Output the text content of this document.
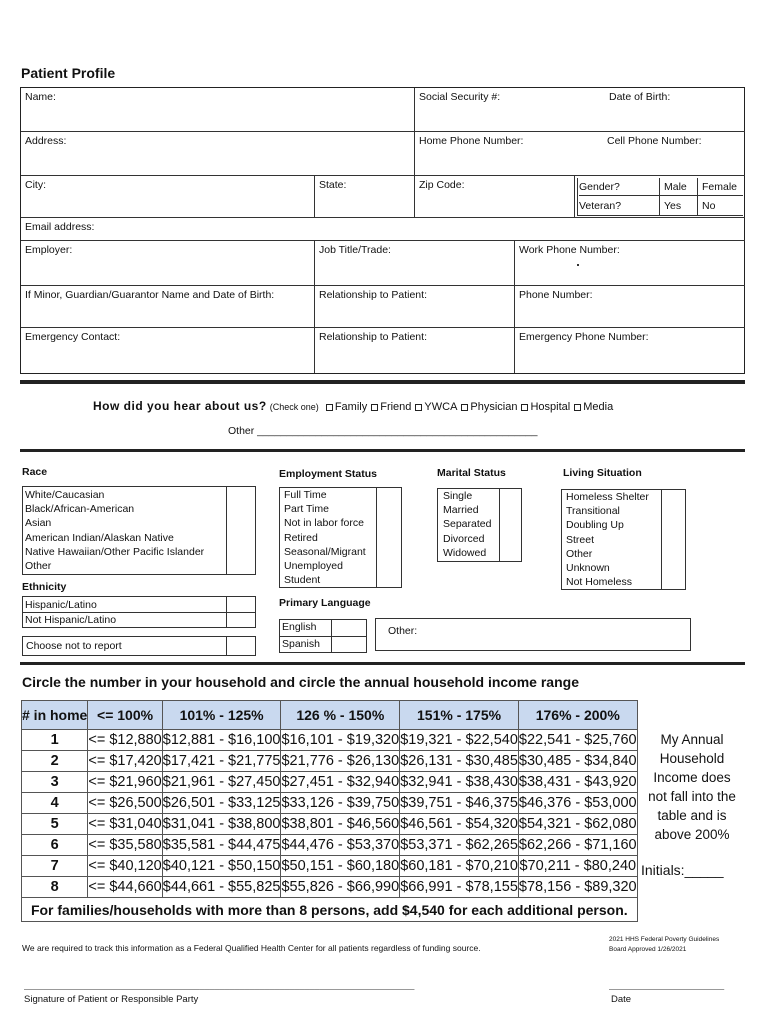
Patient Profile
Name:	Social Security #:	Date of Birth:
Address:	Home Phone Number:	Cell Phone Number:
City:	State:	Zip Code:	Gender?	Male Female
Veteran?	Yes No
Email address:
Employer:	Job Title/Trade:	Work Phone Number:
If Minor, Guardian/Guarantor Name and Date of Birth:	Relationship to Patient:	Phone Number:
Emergency Contact:	Relationship to Patient:	Emergency Phone Number:
How did you hear about us? (Check one) Family Friend YWCA Physician Hospital Media
Other ________________________________________________
Race
White/Caucasian
Black/African-American
Asian
American Indian/Alaskan Native
Native Hawaiian/Other Pacific Islander
Other
Ethnicity
Hispanic/Latino
Not Hispanic/Latino
Choose not to report
Employment Status
Full Time
Part Time
Not in labor force
Retired
Seasonal/Migrant
Unemployed
Student
Marital Status
Single
Married
Separated
Divorced
Widowed
Living Situation
Homeless Shelter
Transitional
Doubling Up
Street
Other
Unknown
Not Homeless
Primary Language
English
Spanish
Other:
Circle the number in your household and circle the annual household income range
# in home	<= 100%	101% - 125%	126 % - 150%	151% - 175%	176% - 200%
1	<= $12,880	$12,881 - $16,100	$16,101 - $19,320	$19,321 - $22,540	$22,541 - $25,760
2	<= $17,420	$17,421 - $21,775	$21,776 - $26,130	$26,131 - $30,485	$30,485 - $34,840
3	<= $21,960	$21,961 - $27,450	$27,451 - $32,940	$32,941 - $38,430	$38,431 - $43,920
4	<= $26,500	$26,501 - $33,125	$33,126 - $39,750	$39,751 - $46,375	$46,376 - $53,000
5	<= $31,040	$31,041 - $38,800	$38,801 - $46,560	$46,561 - $54,320	$54,321 - $62,080
6	<= $35,580	$35,581 - $44,475	$44,476 - $53,370	$53,371 - $62,265	$62,266 - $71,160
7	<= $40,120	$40,121 - $50,150	$50,151 - $60,180	$60,181 - $70,210	$70,211 - $80,240
8	<= $44,660	$44,661 - $55,825	$55,826 - $66,990	$66,991 - $78,155	$78,156 - $89,320
For families/households with more than 8 persons, add $4,540 for each additional person.					
My Annual
Household
Income does
not fall into the
table and is
above 200%
Initials:_____
We are required to track this information as a Federal Qualified Health Center for all patients regardless of funding source.
2021 HHS Federal Poverty Guidelines
Board Approved 1/26/2021
______________________________________________________________________________
Signature of Patient or Responsible Party
_______________________
Date
